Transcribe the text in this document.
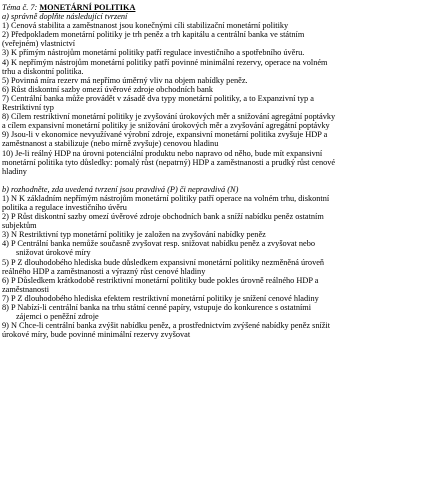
Téma č. 7: MONETÁRNÍ POLITIKA
a) správně doplňte následující tvrzení
1) Cenová stabilita a zaměstnanost jsou konečnými cíli stabilizační monetární politiky
2) Předpokladem monetární politiky je trh peněz a trh kapitálu a centrální banka ve státním
(veřejném) vlastnictví
3) K přímým nástrojům monetární politiky patří regulace investičního a spotřebního úvěru.
4) K nepřímým nástrojům monetární politiky patří povinné minimální rezervy, operace na volném
trhu a diskontní politika.
5) Povinná míra rezerv má nepřímo úměrný vliv na objem nabídky peněz.
6) Růst diskontní sazby omezí úvěrové zdroje obchodních bank
7) Centrální banka může provádět v zásadě dva typy monetární politiky, a to Expanzivní typ a
Restriktivní typ
8) Cílem restriktivní monetární politiky je zvyšování úrokových měr a snižování agregátní poptávky
a cílem expansivní monetární politiky je snižování úrokových měr a zvyšování agregátní poptávky
9) Jsou-li v ekonomice nevyužívané výrobní zdroje, expansivní monetární politika zvyšuje HDP a
zaměstnanost a stabilizuje (nebo mírně zvyšuje) cenovou hladinu
10) Je-li reálný HDP na úrovni potenciální produktu nebo napravo od něho, bude mít expansivní
monetární politika tyto důsledky: pomalý růst (nepatrný) HDP a zaměstnanosti a prudký růst cenové
hladiny
b) rozhodněte, zda uvedená tvrzení jsou pravdivá (P) či nepravdivá (N)
1) N K základním nepřímým nástrojům monetární politiky patří operace na volném trhu, diskontní
politika a regulace investičního úvěru
2) P Růst diskontní sazby omezí úvěrové zdroje obchodních bank a sníží nabídku peněz ostatním
subjektům
3) N Restriktivní typ monetární politiky je založen na zvyšování nabídky peněz
4) P Centrální banka nemůže současně zvyšovat resp. snižovat nabídku peněz a zvyšovat nebo
snižovat úrokové míry
5) P Z dlouhodobého hlediska bude důsledkem expansivní monetární politiky nezměněná úroveň
reálného HDP a zaměstnanosti a výrazný růst cenové hladiny
6) P Důsledkem krátkodobě restriktivní monetární politiky bude pokles úrovně reálného HDP a
zaměstnanosti
7) P Z dlouhodobého hlediska efektem restriktivní monetární politiky je snížení cenové hladiny
8) P Nabízí-li centrální banka na trhu státní cenné papíry, vstupuje do konkurence s ostatními
zájemci o peněžní zdroje
9) N Chce-li centrální banka zvýšit nabídku peněz, a prostřednictvím zvýšené nabídky peněz snížit
úrokové míry, bude povinné minimální rezervy zvyšovat
